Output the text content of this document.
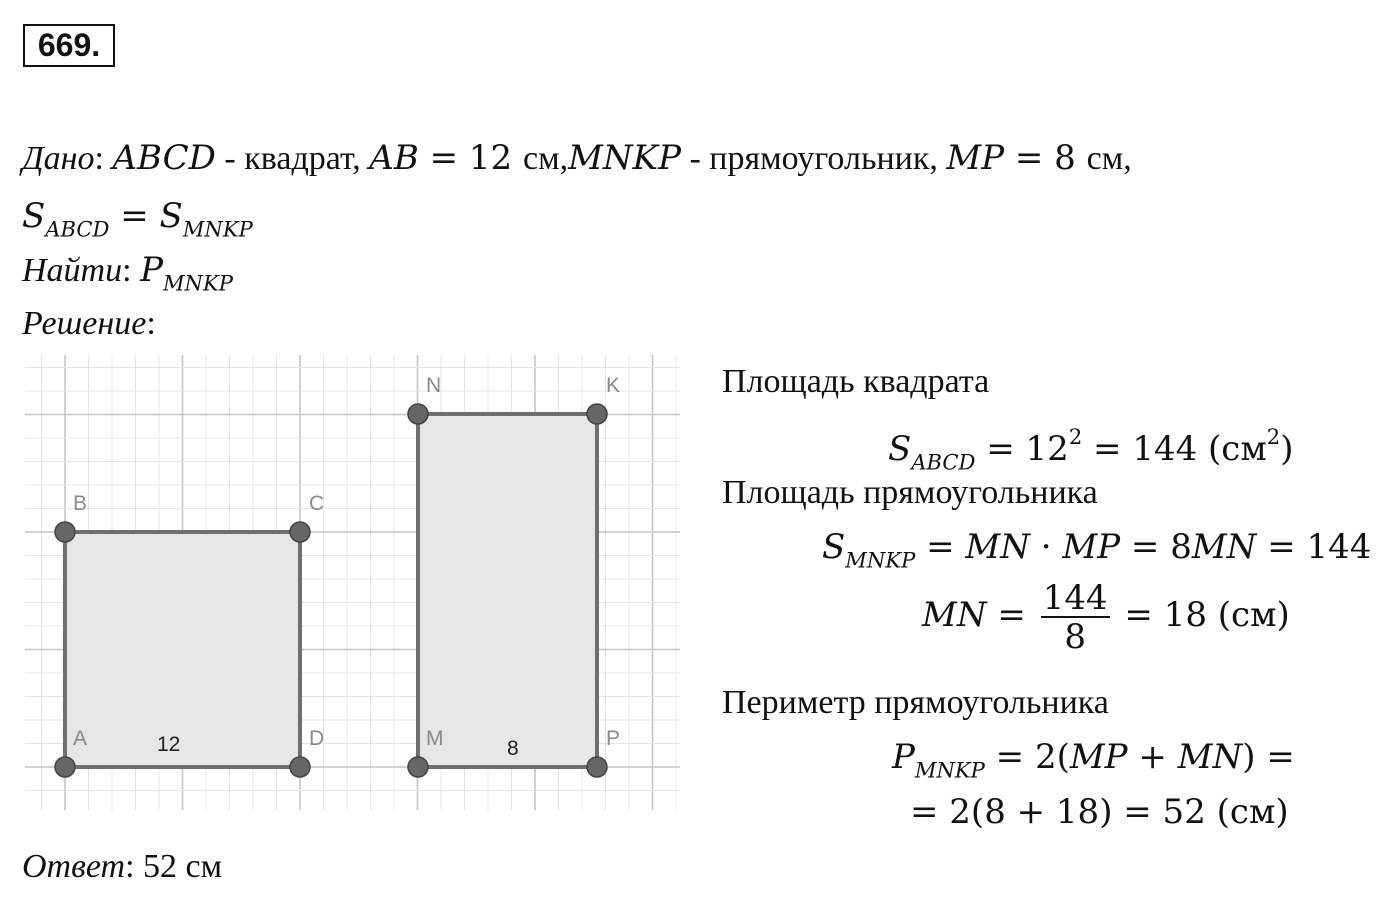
669.
Дано: ABCD - квадрат, AB = 12 см,MNKP - прямоугольник, MP = 8 см,
$S_{ABCD} = S_{MNKP}$
Найти: $P_{MNKP}$
Решение:
A
B	C
D	M
N	K
P
12	8
Площадь квадрата
$S_{ABCD} = 12^2 = 144$ $(см^2)$
Площадь прямоугольника
$S_{MNKP}$ = MN · MP = 8MN = 144
MN = $\frac{144}{8} = 18$ (см)
Периметр прямоугольника
$P_{MNKP} = 2(MP + MN)$ =
= 2(8 + 18) = 52 (см)
Ответ: 52 см
